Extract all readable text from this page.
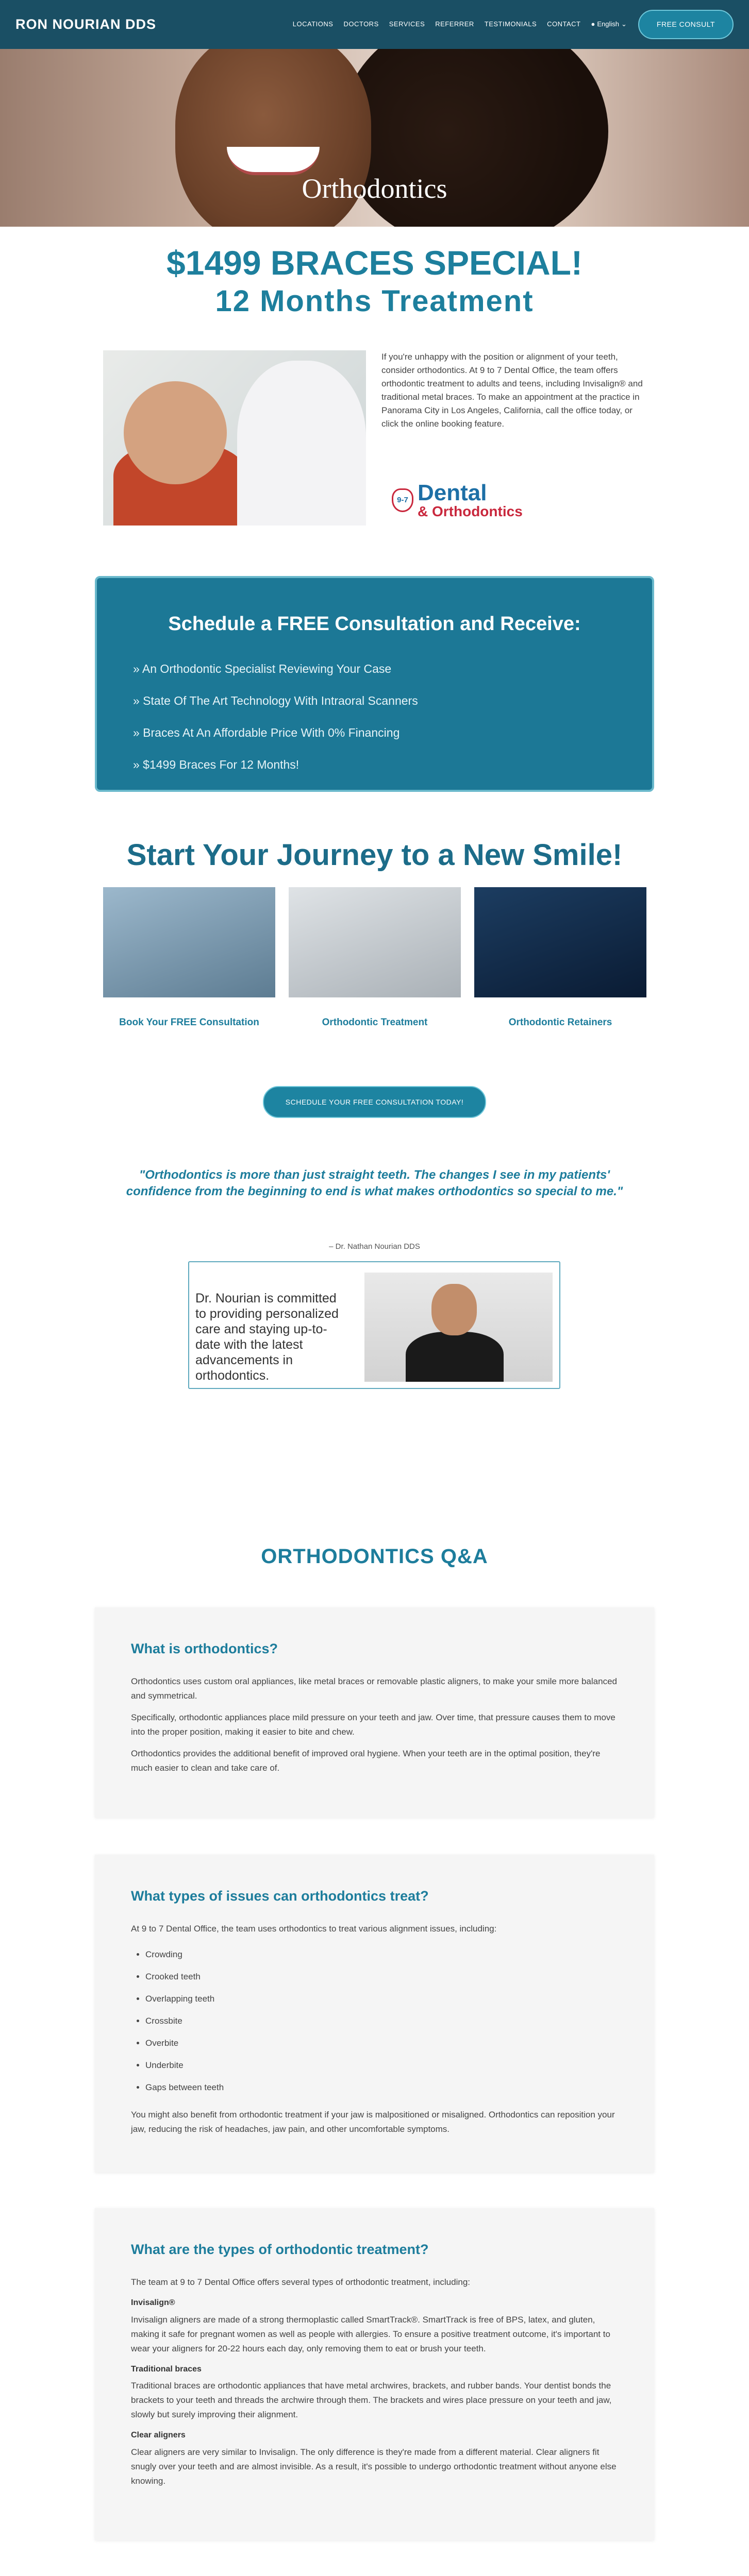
RON NOURIAN DDS	LOCATIONS DOCTORS SERVICES REFERRER TESTIMONIALS CONTACT ● English ⌄	FREE CONSULT
Orthodontics
$1499 BRACES SPECIAL!
12 Months Treatment

If you're unhappy with the position or alignment of your teeth, consider orthodontics. At 9 to 7 Dental Office, the team offers orthodontic treatment to adults and teens, including Invisalign® and traditional metal braces. To make an appointment at the practice in Panorama City in Los Angeles, California, call the office today, or click the online booking feature.

9-7 Dental
& Orthodontics
Schedule a FREE Consultation and Receive:
» An Orthodontic Specialist Reviewing Your Case
» State Of The Art Technology With Intraoral Scanners
» Braces At An Affordable Price With 0% Financing
» $1499 Braces For 12 Months!
Start Your Journey to a New Smile!
Book Your FREE Consultation	Orthodontic Treatment	Orthodontic Retainers
SCHEDULE YOUR FREE CONSULTATION TODAY!

"Orthodontics is more than just straight teeth. The changes I see in my patients' confidence from the beginning to end is what makes orthodontics so special to me."

– Dr. Nathan Nourian DDS

Dr. Nourian is committed to providing personalized care and staying up-to-date with the latest advancements in orthodontics.

ORTHODONTICS Q&A
What is orthodontics?

Orthodontics uses custom oral appliances, like metal braces or removable plastic aligners, to make your smile more balanced and symmetrical.

Specifically, orthodontic appliances place mild pressure on your teeth and jaw. Over time, that pressure causes them to move into the proper position, making it easier to bite and chew.

Orthodontics provides the additional benefit of improved oral hygiene. When your teeth are in the optimal position, they're much easier to clean and take care of.

What types of issues can orthodontics treat?

At 9 to 7 Dental Office, the team uses orthodontics to treat various alignment issues, including:

• Crowding
• Crooked teeth
• Overlapping teeth
• Crossbite
• Overbite
• Underbite
• Gaps between teeth

You might also benefit from orthodontic treatment if your jaw is malpositioned or misaligned. Orthodontics can reposition your jaw, reducing the risk of headaches, jaw pain, and other uncomfortable symptoms.

What are the types of orthodontic treatment?

The team at 9 to 7 Dental Office offers several types of orthodontic treatment, including:

Invisalign®

Invisalign aligners are made of a strong thermoplastic called SmartTrack®. SmartTrack is free of BPS, latex, and gluten, making it safe for pregnant women as well as people with allergies. To ensure a positive treatment outcome, it's important to wear your aligners for 20-22 hours each day, only removing them to eat or brush your teeth.

Traditional braces

Traditional braces are orthodontic appliances that have metal archwires, brackets, and rubber bands. Your dentist bonds the brackets to your teeth and threads the archwire through them. The brackets and wires place pressure on your teeth and jaw, slowly but surely improving their alignment.

Clear aligners

Clear aligners are very similar to Invisalign. The only difference is they're made from a different material. Clear aligners fit snugly over your teeth and are almost invisible. As a result, it's possible to undergo orthodontic treatment without anyone else knowing.
